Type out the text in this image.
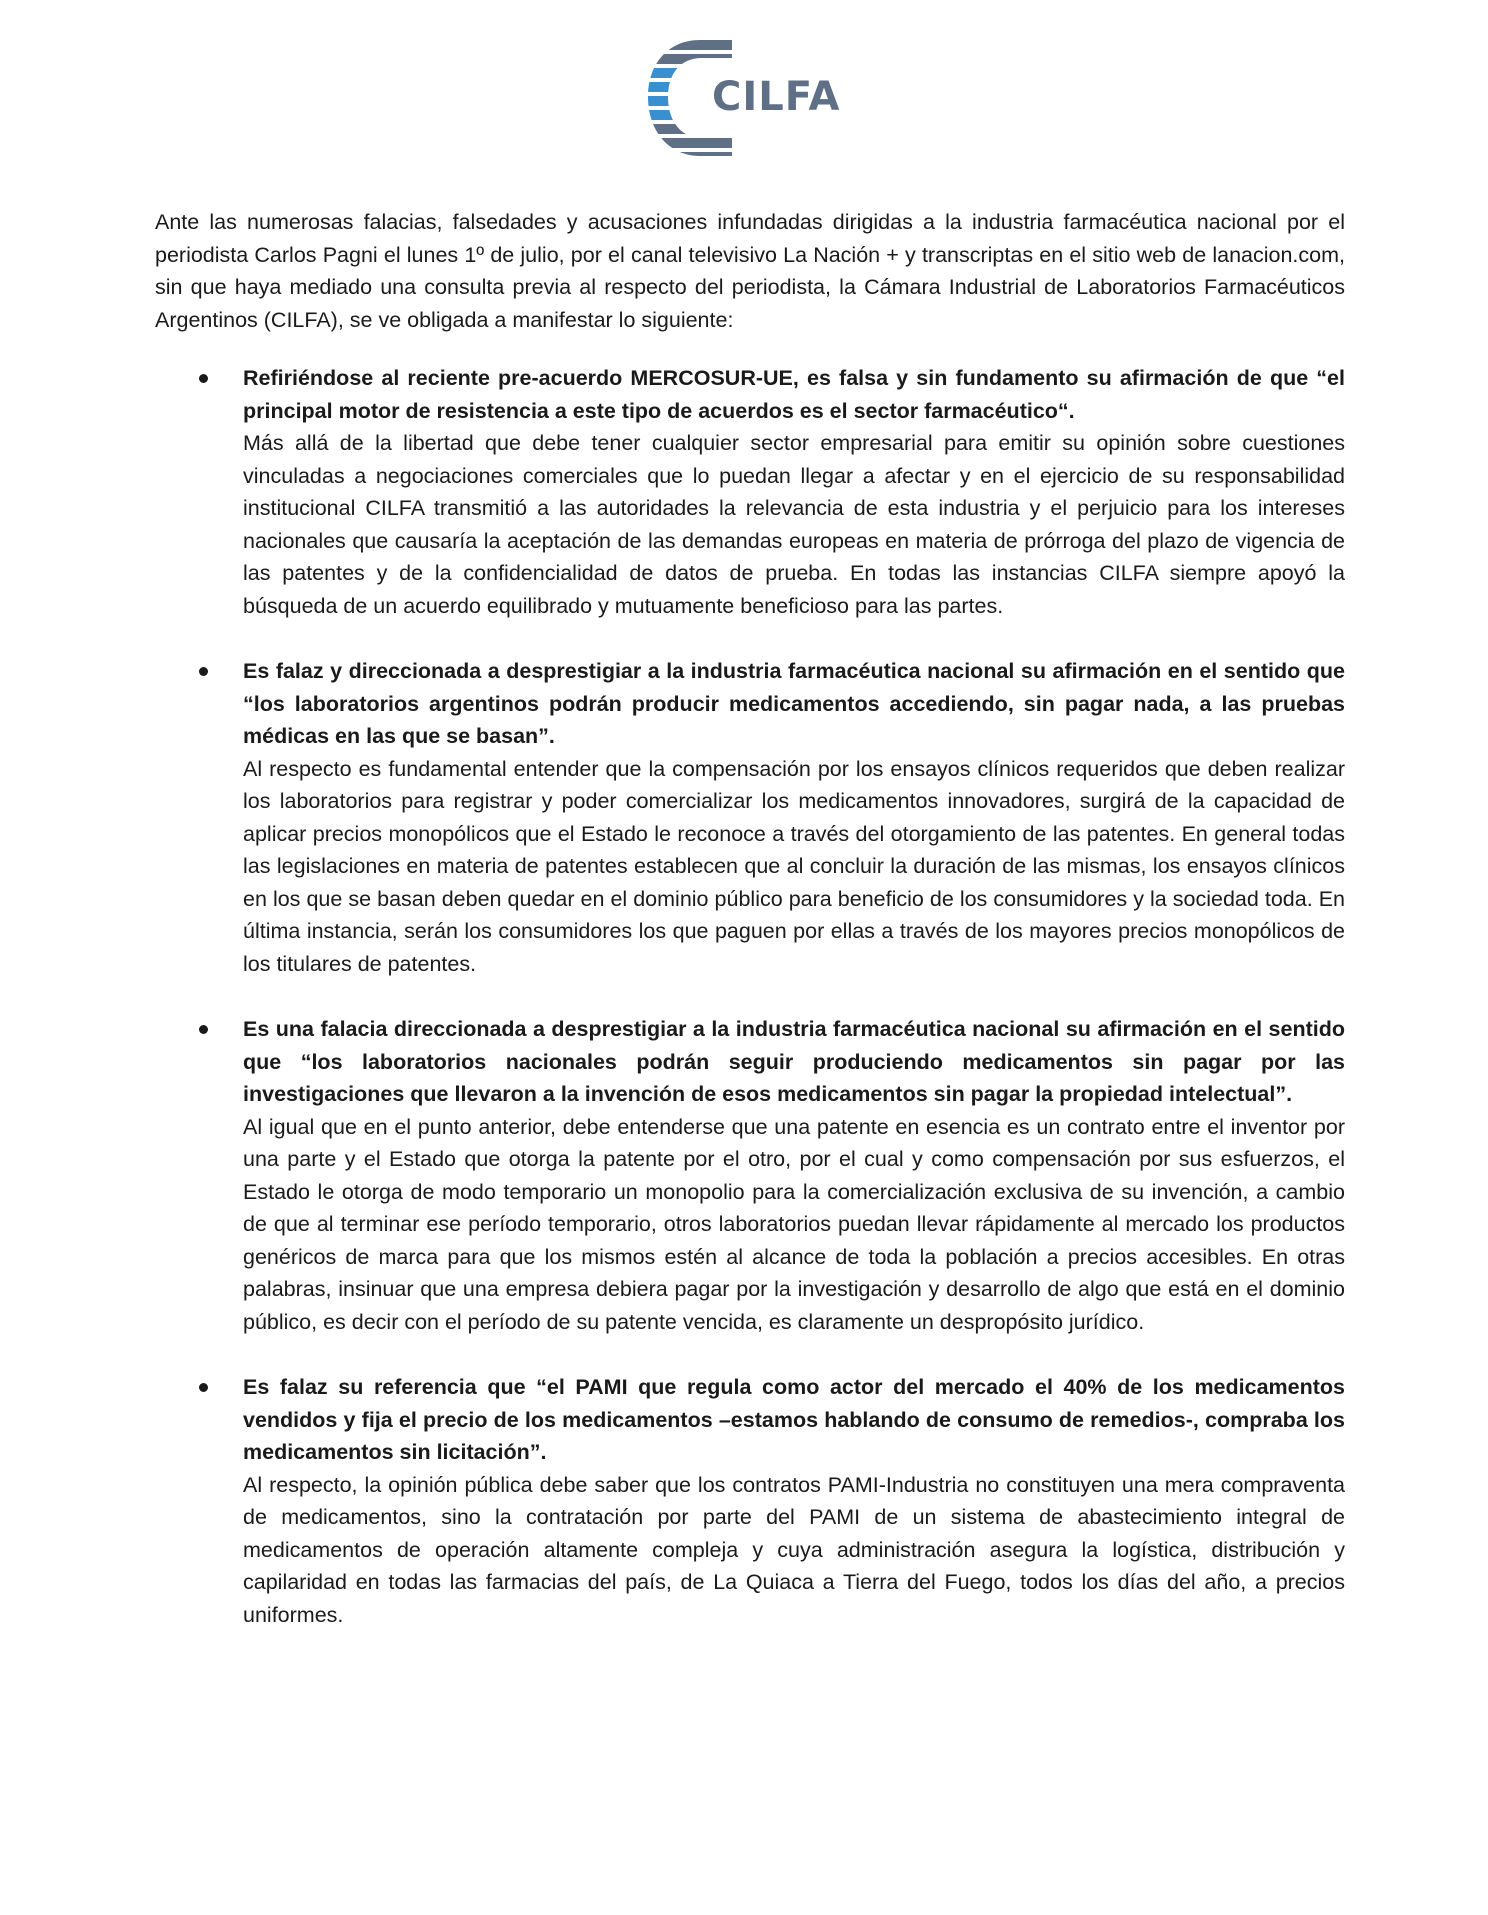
CILFA

Ante las numerosas falacias, falsedades y acusaciones infundadas dirigidas a la industria farmacéutica nacional por el periodista Carlos Pagni el lunes 1º de julio, por el canal televisivo La Nación + y transcriptas en el sitio web de lanacion.com, sin que haya mediado una consulta previa al respecto del periodista, la Cámara Industrial de Laboratorios Farmacéuticos Argentinos (CILFA), se ve obligada a manifestar lo siguiente:

Refiriéndose al reciente pre-acuerdo MERCOSUR-UE, es falsa y sin fundamento su afirmación de que “el principal motor de resistencia a este tipo de acuerdos es el sector farmacéutico“.

Más allá de la libertad que debe tener cualquier sector empresarial para emitir su opinión sobre cuestiones vinculadas a negociaciones comerciales que lo puedan llegar a afectar y en el ejercicio de su responsabilidad institucional CILFA transmitió a las autoridades la relevancia de esta industria y el perjuicio para los intereses nacionales que causaría la aceptación de las demandas europeas en materia de prórroga del plazo de vigencia de las patentes y de la confidencialidad de datos de prueba. En todas las instancias CILFA siempre apoyó la búsqueda de un acuerdo equilibrado y mutuamente beneficioso para las partes.

Es falaz y direccionada a desprestigiar a la industria farmacéutica nacional su afirmación en el sentido que “los laboratorios argentinos podrán producir medicamentos accediendo, sin pagar nada, a las pruebas médicas en las que se basan”.

Al respecto es fundamental entender que la compensación por los ensayos clínicos requeridos que deben realizar los laboratorios para registrar y poder comercializar los medicamentos innovadores, surgirá de la capacidad de aplicar precios monopólicos que el Estado le reconoce a través del otorgamiento de las patentes. En general todas las legislaciones en materia de patentes establecen que al concluir la duración de las mismas, los ensayos clínicos en los que se basan deben quedar en el dominio público para beneficio de los consumidores y la sociedad toda. En última instancia, serán los consumidores los que paguen por ellas a través de los mayores precios monopólicos de los titulares de patentes.

Es una falacia direccionada a desprestigiar a la industria farmacéutica nacional su afirmación en el sentido que “los laboratorios nacionales podrán seguir produciendo medicamentos sin pagar por las investigaciones que llevaron a la invención de esos medicamentos sin pagar la propiedad intelectual”.

Al igual que en el punto anterior, debe entenderse que una patente en esencia es un contrato entre el inventor por una parte y el Estado que otorga la patente por el otro, por el cual y como compensación por sus esfuerzos, el Estado le otorga de modo temporario un monopolio para la comercialización exclusiva de su invención, a cambio de que al terminar ese período temporario, otros laboratorios puedan llevar rápidamente al mercado los productos genéricos de marca para que los mismos estén al alcance de toda la población a precios accesibles. En otras palabras, insinuar que una empresa debiera pagar por la investigación y desarrollo de algo que está en el dominio público, es decir con el período de su patente vencida, es claramente un despropósito jurídico.

Es falaz su referencia que “el PAMI que regula como actor del mercado el 40% de los medicamentos vendidos y fija el precio de los medicamentos –estamos hablando de consumo de remedios-, compraba los medicamentos sin licitación”.

Al respecto, la opinión pública debe saber que los contratos PAMI-Industria no constituyen una mera compraventa de medicamentos, sino la contratación por parte del PAMI de un sistema de abastecimiento integral de medicamentos de operación altamente compleja y cuya administración asegura la logística, distribución y capilaridad en todas las farmacias del país, de La Quiaca a Tierra del Fuego, todos los días del año, a precios uniformes.
